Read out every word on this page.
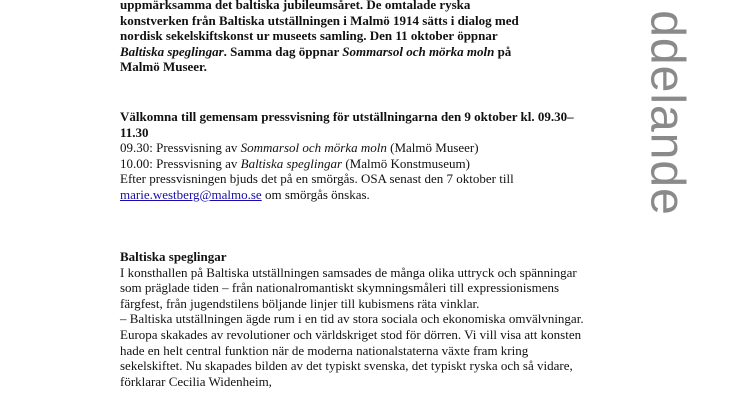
uppmärksamma det baltiska jubileumsåret. De omtalade ryska
konstverken från Baltiska utställningen i Malmö 1914 sätts i dialog med
nordisk sekelskiftskonst ur museets samling. Den 11 oktober öppnar
Baltiska speglingar. Samma dag öppnar Sommarsol och mörka moln på
Malmö Museer.
Välkomna till gemensam pressvisning för utställningarna den 9 oktober kl. 09.30–11.30
09.30: Pressvisning av Sommarsol och mörka moln (Malmö Museer)
10.00: Pressvisning av Baltiska speglingar (Malmö Konstmuseum)
Efter pressvisningen bjuds det på en smörgås. OSA senast den 7 oktober till
marie.westberg@malmo.se om smörgås önskas.
Baltiska speglingar

I konsthallen på Baltiska utställningen samsades de många olika uttryck och spänningar som präglade tiden – från nationalromantiskt skymningsmåleri till expressionismens färgfest, från jugendstilens böljande linjer till kubismens räta vinklar.

– Baltiska utställningen ägde rum i en tid av stora sociala och ekonomiska omvälvningar. Europa skakades av revolutioner och världskriget stod för dörren. Vi vill visa att konsten hade en helt central funktion när de moderna nationalstaterna växte fram kring sekelskiftet. Nu skapades bilden av det typiskt svenska, det typiskt ryska och så vidare, förklarar Cecilia Widenheim,

ddelande
